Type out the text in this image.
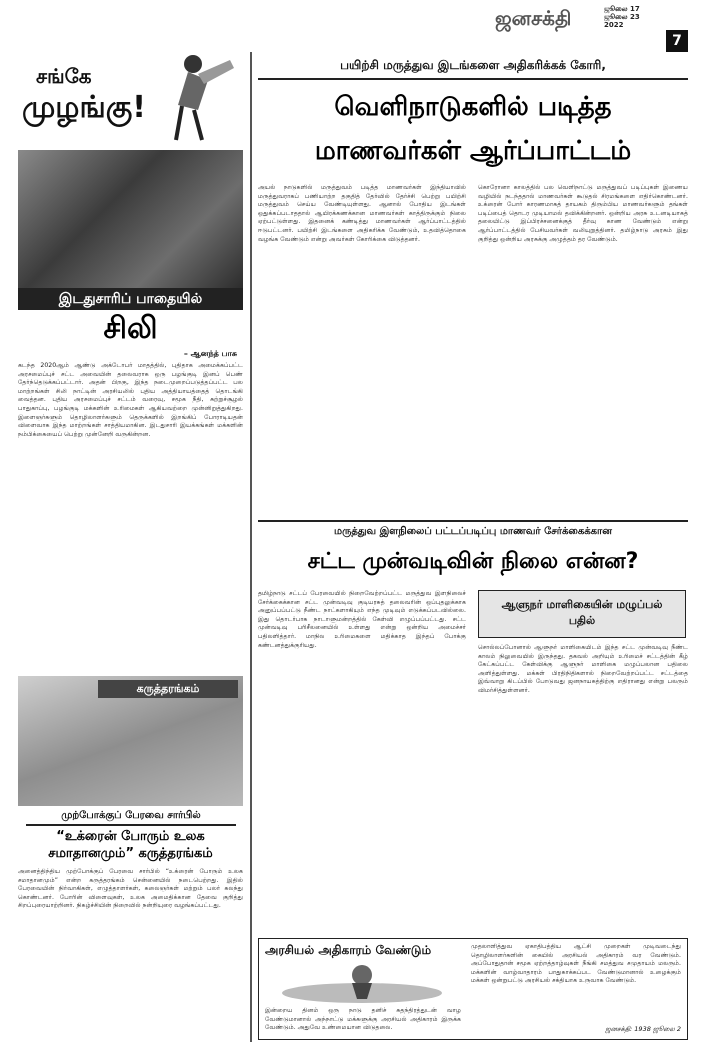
ஜனசக்தி	ஜூலை 17
ஜூலை 23
2022
7
சங்கே
முழங்கு!
இடதுசாரிப் பாதையில்
சிலி
– ஆனந்த் பாசு
கடந்த 2020ஆம் ஆண்டு அக்டோபர் மாதத்தில், புதிதாக அமைக்கப்பட்ட அரசமைப்புச் சட்ட அவையின் தலைவராக ஒரு பழங்குடி இனப் பெண் தேர்ந்தெடுக்கப்பட்டார். அதன் பிறகு, இந்த நடைமுறைப்படுத்தப்பட்ட பல மாற்றங்கள் சிலி நாட்டின் அரசியலில் புதிய அத்தியாயத்தைத் தொடங்கி வைத்தன. புதிய அரசமைப்புச் சட்டம் வரைவு, சமூக நீதி, சுற்றுச்சூழல் பாதுகாப்பு, பழங்குடி மக்களின் உரிமைகள் ஆகியவற்றை முன்னிறுத்துகிறது. இளைஞர்களும் தொழிலாளர்களும் தெருக்களில் இறங்கிப் போராடியதன் விளைவாக இந்த மாற்றங்கள் சாத்தியமாகின. இடதுசாரி இயக்கங்கள் மக்களின் நம்பிக்கையைப் பெற்று முன்னேறி வருகின்றன.
கருத்தரங்கம்
முற்போக்குப் பேரவை சார்பில்
“உக்ரைன் போரும் உலக சமாதானமும்” கருத்தரங்கம்
அனைத்திந்திய முற்போக்குப் பேரவை சார்பில் “உக்ரைன் போரும் உலக சமாதானமும்” என்ற கருத்தரங்கம் சென்னையில் நடைபெற்றது. இதில் பேரவையின் நிர்வாகிகள், எழுத்தாளர்கள், கலைஞர்கள் மற்றும் பலர் கலந்து கொண்டனர். போரின் விளைவுகள், உலக அமைதிக்கான தேவை குறித்து சிறப்புரையாற்றினர். நிகழ்ச்சியின் நிறைவில் நன்றியுரை வழங்கப்பட்டது.
பயிற்சி மருத்துவ இடங்களை அதிகரிக்கக் கோரி,
வெளிநாடுகளில் படித்த
மாணவர்கள் ஆர்ப்பாட்டம்
அயல் நாடுகளில் மருத்துவம் படித்த மாணவர்கள் இந்தியாவில் மருத்துவராகப் பணியாற்ற தகுதித் தேர்வில் தேர்ச்சி பெற்று பயிற்சி மருத்துவம் செய்ய வேண்டியுள்ளது. ஆனால் போதிய இடங்கள் ஒதுக்கப்படாததால் ஆயிரக்கணக்கான மாணவர்கள் காத்திருக்கும் நிலை ஏற்பட்டுள்ளது. இதனைக் கண்டித்து மாணவர்கள் ஆர்ப்பாட்டத்தில் ஈடுபட்டனர். பயிற்சி இடங்களை அதிகரிக்க வேண்டும், உதவித்தொகை வழங்க வேண்டும் என்று அவர்கள் கோரிக்கை விடுத்தனர்.
கொரோனா காலத்தில் பல வெளிநாட்டு மருத்துவப் படிப்புகள் இணைய வழியில் நடந்ததால் மாணவர்கள் கூடுதல் சிரமங்களை எதிர்கொண்டனர். உக்ரைன் போர் காரணமாகத் தாயகம் திரும்பிய மாணவர்களும் தங்கள் படிப்பைத் தொடர முடியாமல் தவிக்கின்றனர். ஒன்றிய அரசு உடனடியாகத் தலையிட்டு இப்பிரச்சனைக்குத் தீர்வு காண வேண்டும் என்று ஆர்ப்பாட்டத்தில் பேசியவர்கள் வலியுறுத்தினர். தமிழ்நாடு அரசும் இது குறித்து ஒன்றிய அரசுக்கு அழுத்தம் தர வேண்டும்.
மருத்துவ இளநிலைப் பட்டப்படிப்பு மாணவர் சேர்க்கைக்கான
சட்ட முன்வடிவின் நிலை என்ன?
தமிழ்நாடு சட்டப் பேரவையில் நிறைவேற்றப்பட்ட மருத்துவ இளநிலைச் சேர்க்கைக்கான சட்ட முன்வடிவு குடியரசுத் தலைவரின் ஒப்புதலுக்காக அனுப்பப்பட்டு நீண்ட நாட்களாகியும் எந்த முடிவும் எடுக்கப்படவில்லை. இது தொடர்பாக நாடாளுமன்றத்தில் கேள்வி எழுப்பப்பட்டது. சட்ட முன்வடிவு பரிசீலனையில் உள்ளது என்று ஒன்றிய அமைச்சர் பதிலளித்தார். மாநில உரிமைகளை மதிக்காத இந்தப் போக்கு கண்டனத்துக்குரியது.
ஆளுநர் மாளிகையின் மழுப்பல் பதில்
சொல்லப்போனால் ஆளுநர் மாளிகையிடம் இந்த சட்ட முன்வடிவு நீண்ட காலம் நிலுவையில் இருந்தது. தகவல் அறியும் உரிமைச் சட்டத்தின் கீழ் கேட்கப்பட்ட கேள்விக்கு ஆளுநர் மாளிகை மழுப்பலான பதிலை அளித்துள்ளது. மக்கள் பிரதிநிதிகளால் நிறைவேற்றப்பட்ட சட்டத்தை இவ்வாறு கிடப்பில் போடுவது ஜனநாயகத்திற்கு எதிரானது என்று பலரும் விமர்சித்துள்ளனர்.
அரசியல் அதிகாரம் வேண்டும்
இன்றைய தினம் ஒரு நாடு தனிச் சுதந்திரத்துடன் வாழ வேண்டுமானால் அந்நாட்டு மக்களுக்கு அரசியல் அதிகாரம் இருக்க வேண்டும். அதுவே உண்மையான விடுதலை.
முதலாளித்துவ ஏகாதிபத்திய ஆட்சி முறைகள் முடிவடைந்து தொழிலாளர்களின் கையில் அரசியல் அதிகாரம் வர வேண்டும். அப்போதுதான் சமூக ஏற்றத்தாழ்வுகள் நீங்கி சமத்துவ சமுதாயம் மலரும். மக்களின் வாழ்வாதாரம் பாதுகாக்கப்பட வேண்டுமானால் உழைக்கும் மக்கள் ஒன்றுபட்டு அரசியல் சக்தியாக உருவாக வேண்டும்.
ஜனசக்தி: 1938 ஜூலை 2
